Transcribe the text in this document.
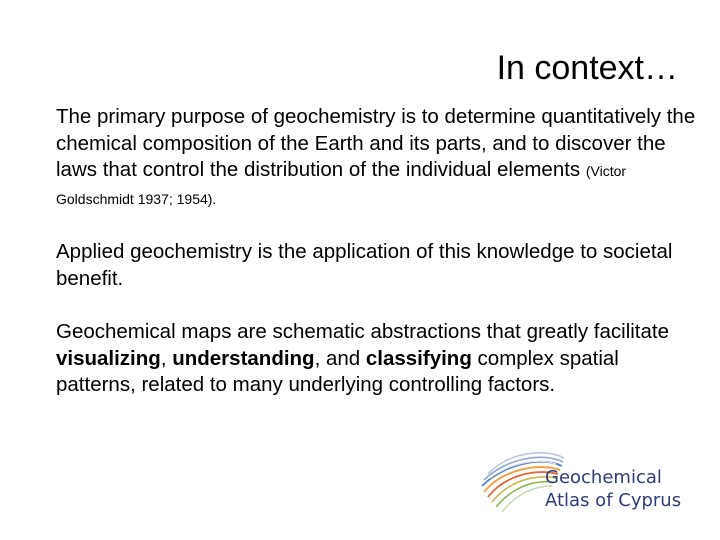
In context…

The primary purpose of geochemistry is to determine quantitatively the chemical composition of the Earth and its parts, and to discover the laws that control the distribution of the individual elements (Victor Goldschmidt 1937; 1954).

Applied geochemistry is the application of this knowledge to societal benefit.

Geochemical maps are schematic abstractions that greatly facilitate visualizing, understanding, and classifying complex spatial patterns, related to many underlying controlling factors.

Geochemical
Atlas of Cyprus
